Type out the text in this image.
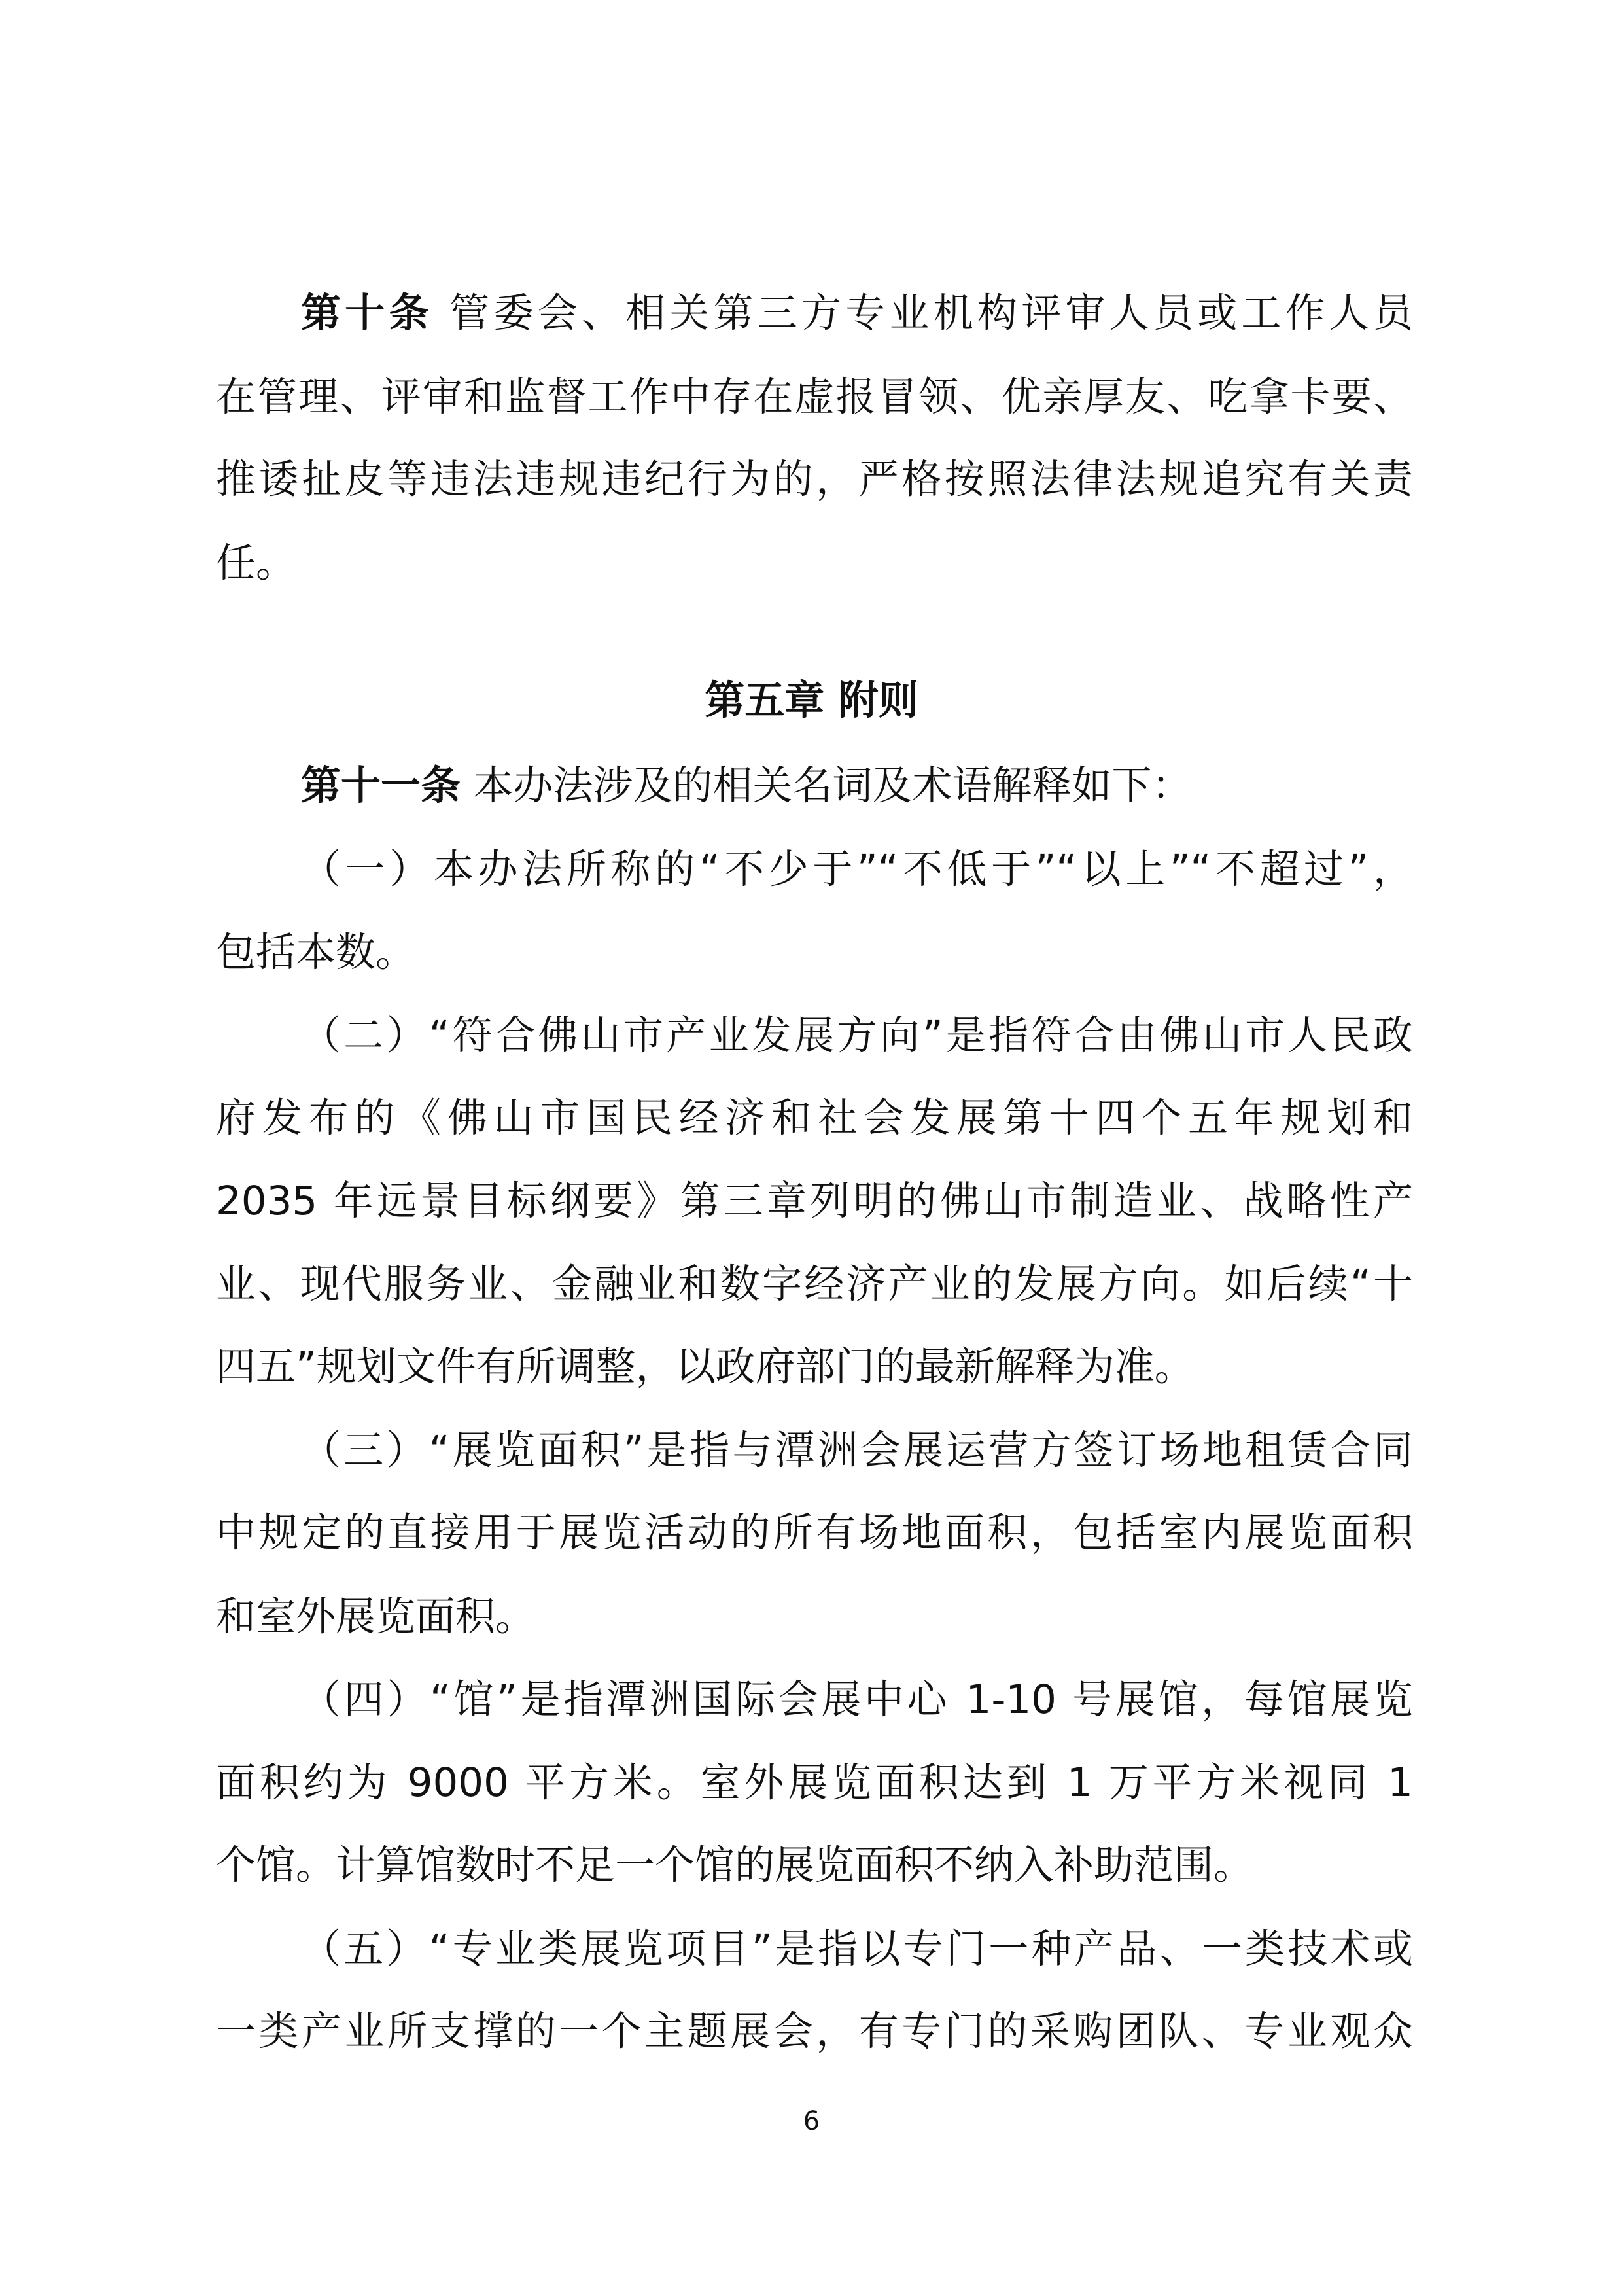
第十条 管委会、相关第三方专业机构评审人员或工作人员
在管理、评审和监督工作中存在虚报冒领、优亲厚友、吃拿卡要、
推诿扯皮等违法违规违纪行为的，严格按照法律法规追究有关责
任。
第五章 附则
第十一条 本办法涉及的相关名词及术语解释如下：
（一）本办法所称的“不少于”“不低于”“以上”“不超过”，
包括本数。
（二）“符合佛山市产业发展方向”是指符合由佛山市人民政
府发布的《佛山市国民经济和社会发展第十四个五年规划和
2035 年远景目标纲要》第三章列明的佛山市制造业、战略性产
业、现代服务业、金融业和数字经济产业的发展方向。如后续“十
四五”规划文件有所调整，以政府部门的最新解释为准。
（三）“展览面积”是指与潭洲会展运营方签订场地租赁合同
中规定的直接用于展览活动的所有场地面积，包括室内展览面积
和室外展览面积。
（四）“馆”是指潭洲国际会展中心 1-10 号展馆，每馆展览
面积约为 9000 平方米。室外展览面积达到 1 万平方米视同 1
个馆。计算馆数时不足一个馆的展览面积不纳入补助范围。
（五）“专业类展览项目”是指以专门一种产品、一类技术或
一类产业所支撑的一个主题展会，有专门的采购团队、专业观众
6
